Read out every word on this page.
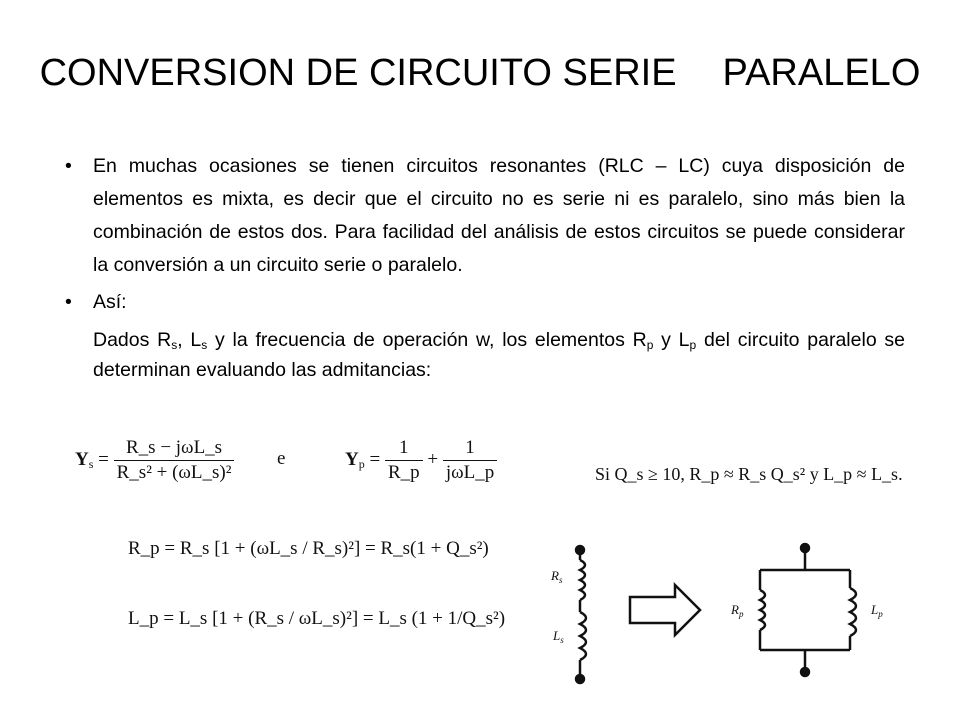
CONVERSION DE CIRCUITO SERIE PARALELO
• En muchas ocasiones se tienen circuitos resonantes (RLC – LC) cuya disposición de elementos es mixta, es decir que el circuito no es serie ni es paralelo, sino más bien la combinación de estos dos. Para facilidad del análisis de estos circuitos se puede considerar la conversión a un circuito serie o paralelo.
• Así:
Dados $R_s$, $L_s$ y la frecuencia de operación w, los elementos $R_p$ y $L_p$ del circuito paralelo se determinan evaluando las admitancias:
$Y_s = \frac{\text{R\_s − jωL\_s}}{\text{R\_s² + (ωL\_s)²}}$ e	$Y_p = \frac{1}{R\_p} + \frac{1}{\text{jωL\_p}}$	Si Q_s ≥ 10, R_p ≈ R_s Q_s² y L_p ≈ L_s.
R_p = R_s [1 + (ωL_s / R_s)²] = R_s(1 + Q_s²)
L_p = L_s [1 + (R_s / ωL_s)²] = L_s (1 + 1/Q_s²)
$R_s$
$L_s$
$R_p$	$L_p$
